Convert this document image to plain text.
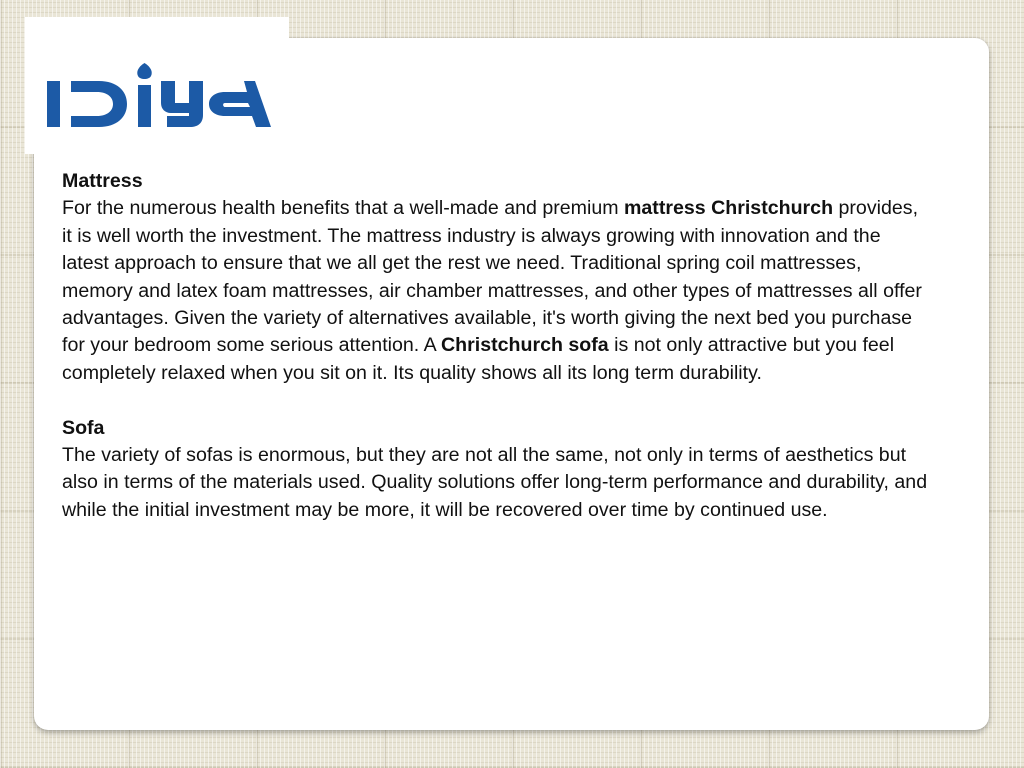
Mattress

For the numerous health benefits that a well-made and premium mattress Christchurch provides, it is well worth the investment. The mattress industry is always growing with innovation and the latest approach to ensure that we all get the rest we need. Traditional spring coil mattresses, memory and latex foam mattresses, air chamber mattresses, and other types of mattresses all offer advantages. Given the variety of alternatives available, it's worth giving the next bed you purchase for your bedroom some serious attention. A Christchurch sofa is not only attractive but you feel completely relaxed when you sit on it. Its quality shows all its long term durability.

Sofa

The variety of sofas is enormous, but they are not all the same, not only in terms of aesthetics but also in terms of the materials used. Quality solutions offer long-term performance and durability, and while the initial investment may be more, it will be recovered over time by continued use.
